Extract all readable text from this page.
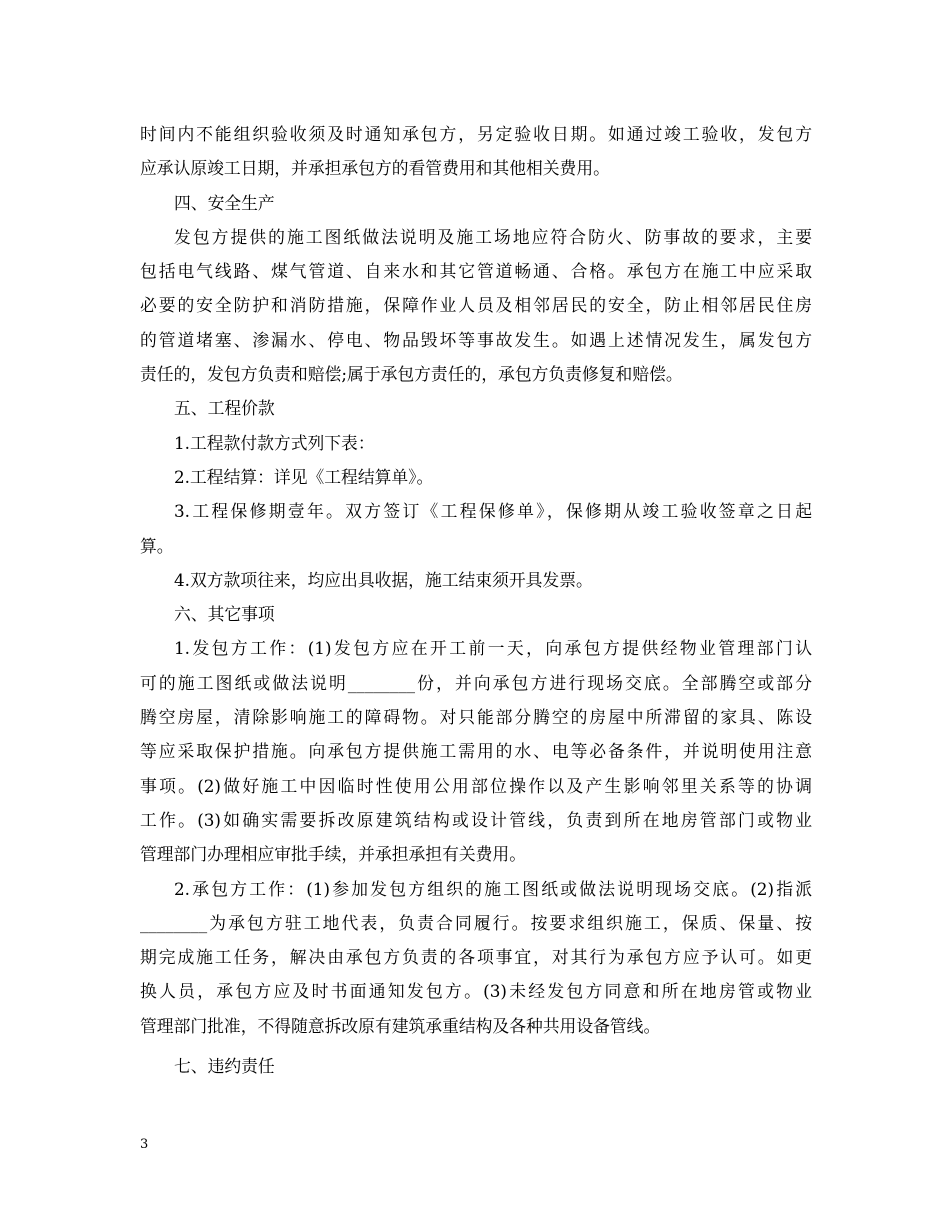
时间内不能组织验收须及时通知承包方，另定验收日期。如通过竣工验收，发包方
应承认原竣工日期，并承担承包方的看管费用和其他相关费用。
四、安全生产
发包方提供的施工图纸做法说明及施工场地应符合防火、防事故的要求，主要
包括电气线路、煤气管道、自来水和其它管道畅通、合格。承包方在施工中应采取
必要的安全防护和消防措施，保障作业人员及相邻居民的安全，防止相邻居民住房
的管道堵塞、渗漏水、停电、物品毁坏等事故发生。如遇上述情况发生，属发包方
责任的，发包方负责和赔偿;属于承包方责任的，承包方负责修复和赔偿。
五、工程价款
1.工程款付款方式列下表：
2.工程结算：详见《工程结算单》。
3.工程保修期壹年。双方签订《工程保修单》，保修期从竣工验收签章之日起
算。
4.双方款项往来，均应出具收据，施工结束须开具发票。
六、其它事项
1.发包方工作：(1)发包方应在开工前一天，向承包方提供经物业管理部门认
可的施工图纸或做法说明________份，并向承包方进行现场交底。全部腾空或部分
腾空房屋，清除影响施工的障碍物。对只能部分腾空的房屋中所滞留的家具、陈设
等应采取保护措施。向承包方提供施工需用的水、电等必备条件，并说明使用注意
事项。(2)做好施工中因临时性使用公用部位操作以及产生影响邻里关系等的协调
工作。(3)如确实需要拆改原建筑结构或设计管线，负责到所在地房管部门或物业
管理部门办理相应审批手续，并承担承担有关费用。
2.承包方工作：(1)参加发包方组织的施工图纸或做法说明现场交底。(2)指派
________为承包方驻工地代表，负责合同履行。按要求组织施工，保质、保量、按
期完成施工任务，解决由承包方负责的各项事宜，对其行为承包方应予认可。如更
换人员，承包方应及时书面通知发包方。(3)未经发包方同意和所在地房管或物业
管理部门批准，不得随意拆改原有建筑承重结构及各种共用设备管线。
七、违约责任
3
